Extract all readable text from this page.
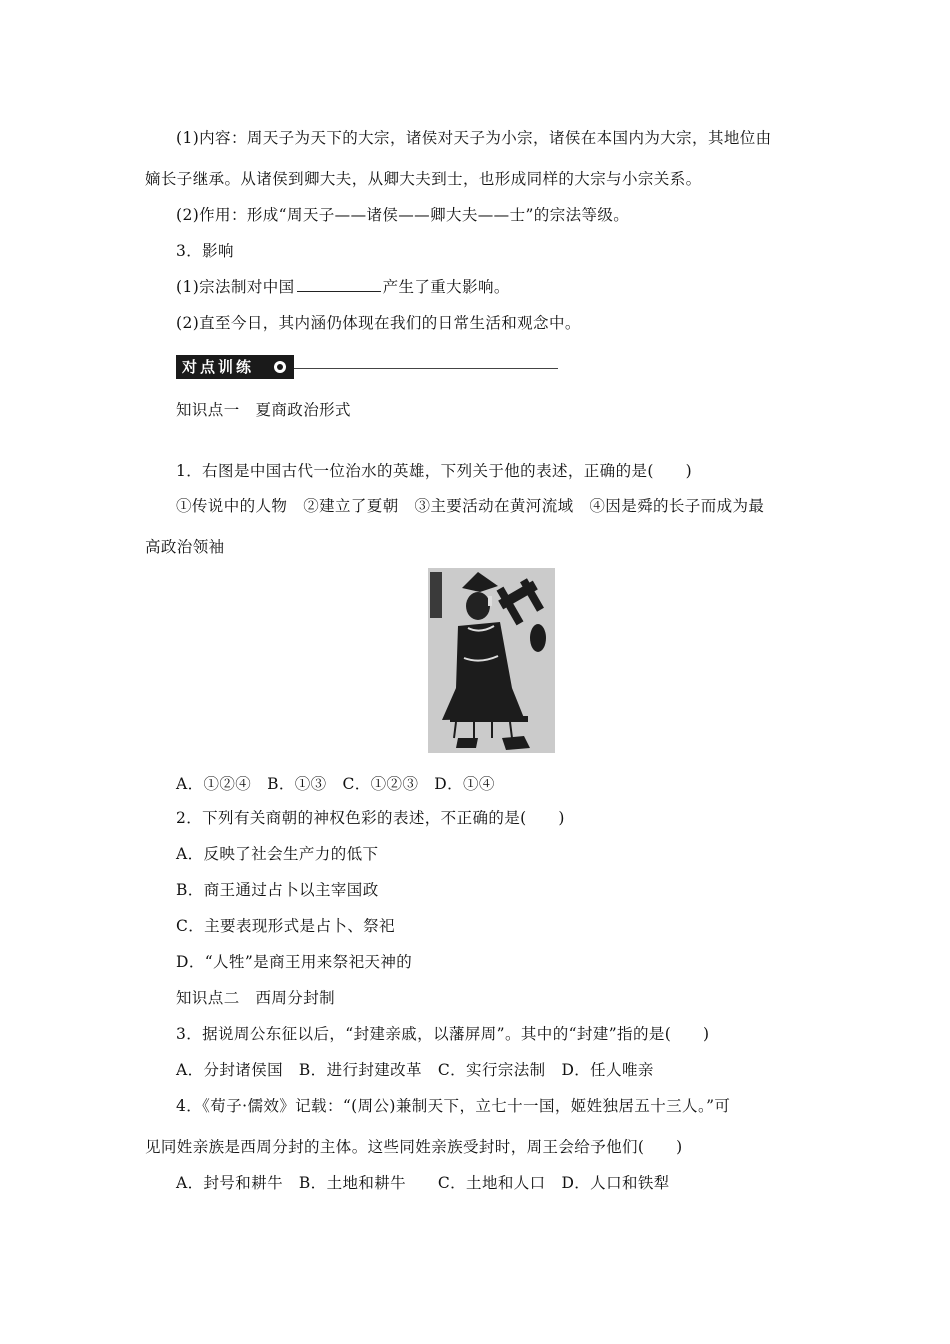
(1)内容：周天子为天下的大宗，诸侯对天子为小宗，诸侯在本国内为大宗，其地位由
嫡长子继承。从诸侯到卿大夫，从卿大夫到士，也形成同样的大宗与小宗关系。
(2)作用：形成“周天子——诸侯——卿大夫——士”的宗法等级。
3．影响
(1)宗法制对中国	产生了重大影响。
(2)直至今日，其内涵仍体现在我们的日常生活和观念中。
对点训练
知识点一　夏商政治形式
1．右图是中国古代一位治水的英雄，下列关于他的表述，正确的是(　　)
①传说中的人物　②建立了夏朝　③主要活动在黄河流域　④因是舜的长子而成为最
高政治领袖
A．①②④　B．①③　C．①②③　D．①④
2．下列有关商朝的神权色彩的表述，不正确的是(　　)
A．反映了社会生产力的低下
B．商王通过占卜以主宰国政
C．主要表现形式是占卜、祭祀
D．“人牲”是商王用来祭祀天神的
知识点二　西周分封制
3．据说周公东征以后，“封建亲戚，以藩屏周”。其中的“封建”指的是(　　)
A．分封诸侯国　B．进行封建改革　C．实行宗法制　D．任人唯亲
4．《荀子·儒效》记载：“(周公)兼制天下，立七十一国，姬姓独居五十三人。”可
见同姓亲族是西周分封的主体。这些同姓亲族受封时，周王会给予他们(　　)
A．封号和耕牛　B．土地和耕牛　　C．土地和人口　D．人口和铁犁
